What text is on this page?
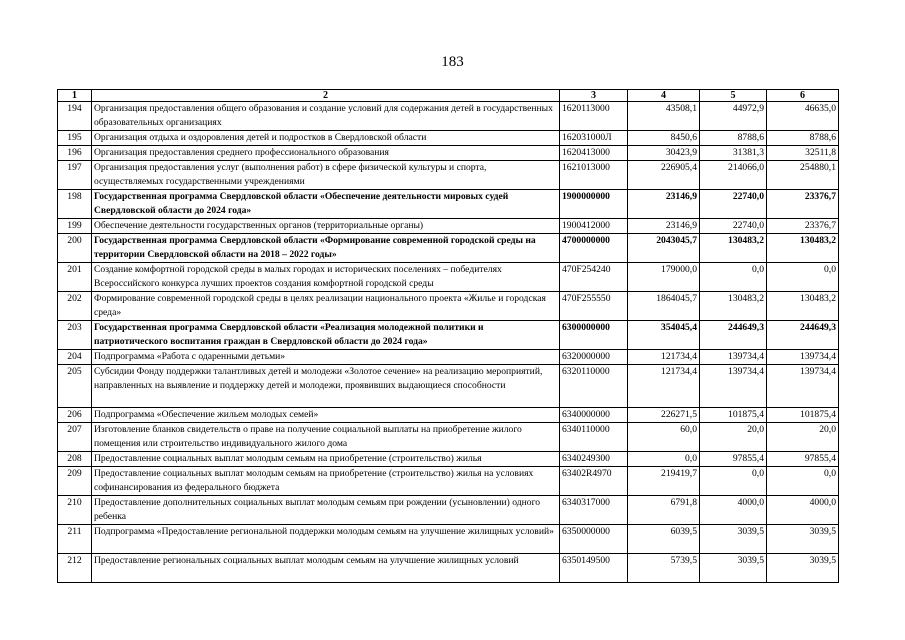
183
1	2	3	4	5	6
194	Организация предоставления общего образования и создание условий для содержания детей в государственных образовательных организациях	1620113000	43508,1	44972,9	46635,0
195	Организация отдыха и оздоровления детей и подростков в Свердловской области	162031000Л	8450,6	8788,6	8788,6
196	Организация предоставления среднего профессионального образования	1620413000	30423,9	31381,3	32511,8
197	Организация предоставления услуг (выполнения работ) в сфере физической культуры и спорта, осуществляемых государственными учреждениями	1621013000	226905,4	214066,0	254880,1
198	Государственная программа Свердловской области «Обеспечение деятельности мировых судей Свердловской области до 2024 года»	1900000000	23146,9	22740,0	23376,7
199	Обеспечение деятельности государственных органов (территориальные органы)	1900412000	23146,9	22740,0	23376,7
200	Государственная программа Свердловской области «Формирование современной городской среды на территории Свердловской области на 2018 – 2022 годы»	4700000000	2043045,7	130483,2	130483,2
201	Создание комфортной городской среды в малых городах и исторических поселениях – победителях Всероссийского конкурса лучших проектов создания комфортной городской среды	470F254240	179000,0	0,0	0,0
202	Формирование современной городской среды в целях реализации национального проекта «Жилье и городская среда»	470F255550	1864045,7	130483,2	130483,2
203	Государственная программа Свердловской области «Реализация молодежной политики и патриотического воспитания граждан в Свердловской области до 2024 года»	6300000000	354045,4	244649,3	244649,3
204	Подпрограмма «Работа с одаренными детьми»	6320000000	121734,4	139734,4	139734,4
205	Субсидии Фонду поддержки талантливых детей и молодежи «Золотое сечение» на реализацию мероприятий, направленных на выявление и поддержку детей и молодежи, проявивших выдающиеся способности	6320110000	121734,4	139734,4	139734,4
206	Подпрограмма «Обеспечение жильем молодых семей»	6340000000	226271,5	101875,4	101875,4
207	Изготовление бланков свидетельств о праве на получение социальной выплаты на приобретение жилого помещения или строительство индивидуального жилого дома	6340110000	60,0	20,0	20,0
208	Предоставление социальных выплат молодым семьям на приобретение (строительство) жилья	6340249300	0,0	97855,4	97855,4
209	Предоставление социальных выплат молодым семьям на приобретение (строительство) жилья на условиях софинансирования из федерального бюджета	63402R4970	219419,7	0,0	0,0
210	Предоставление дополнительных социальных выплат молодым семьям при рождении (усыновлении) одного ребенка	6340317000	6791,8	4000,0	4000,0
211	Подпрограмма «Предоставление региональной поддержки молодым семьям на улучшение жилищных условий»	6350000000	6039,5	3039,5	3039,5
212	Предоставление региональных социальных выплат молодым семьям на улучшение жилищных условий	6350149500	5739,5	3039,5	3039,5
